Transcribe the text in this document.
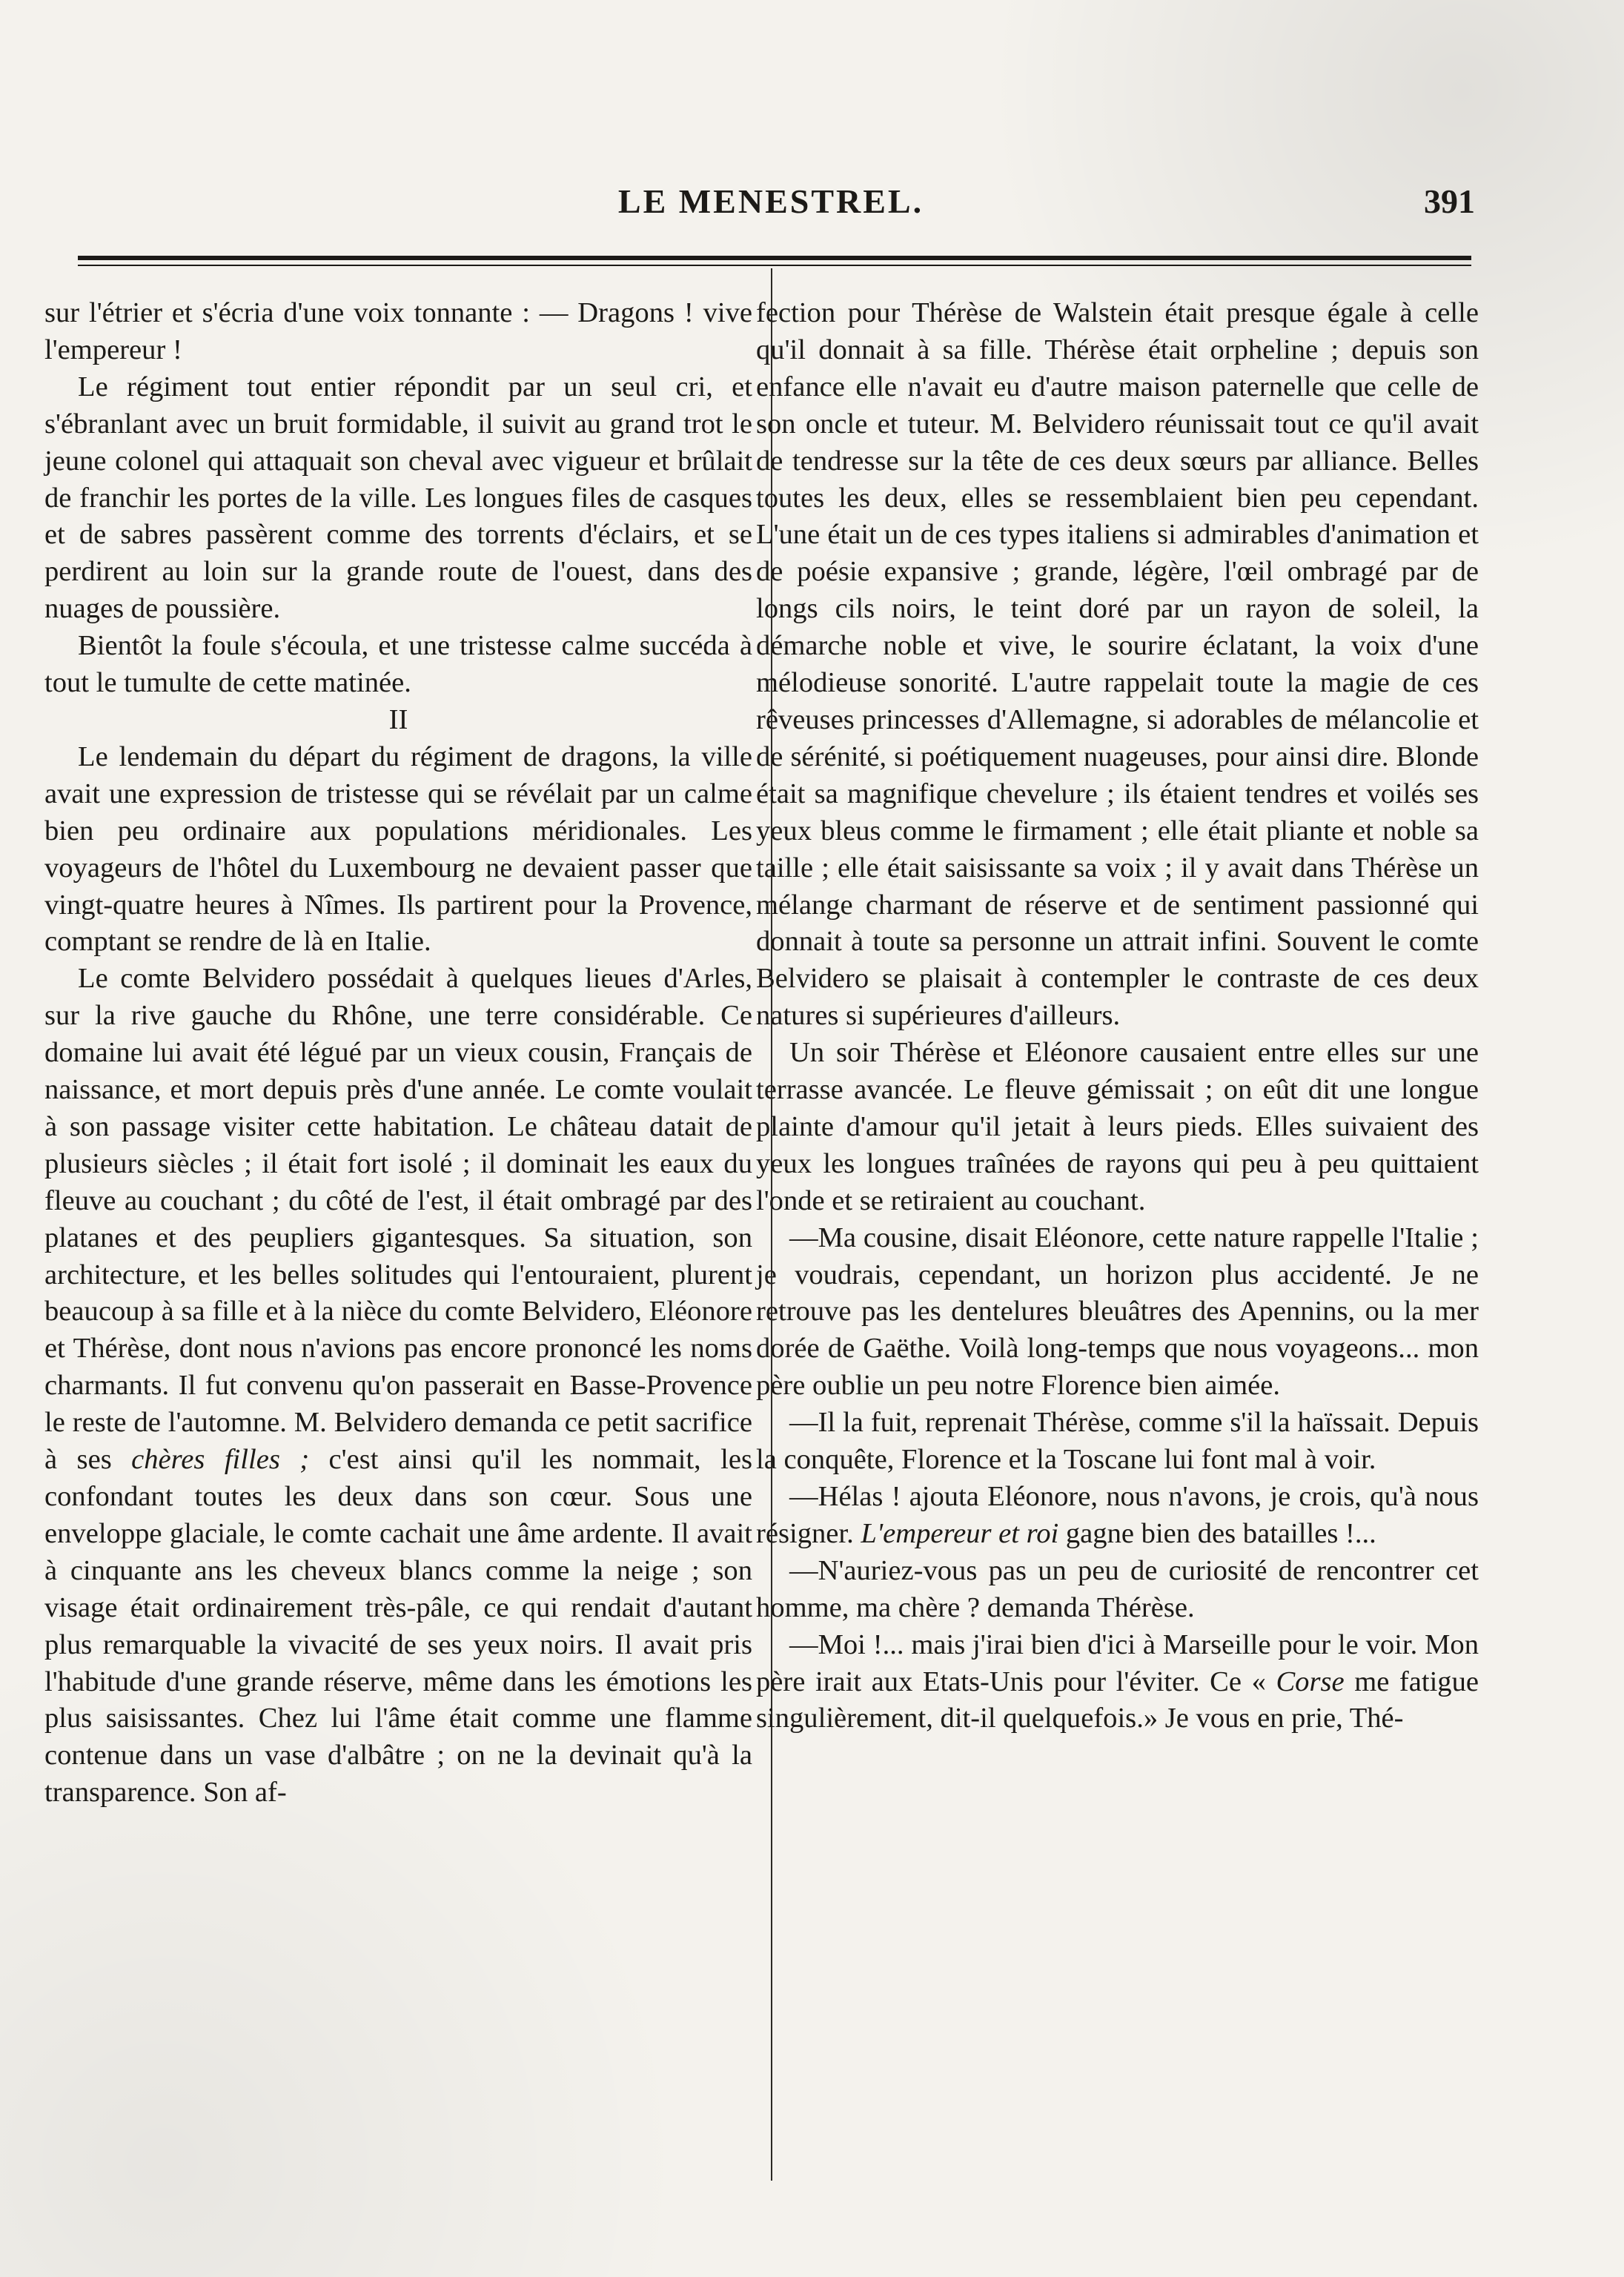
LE MENESTREL.	391

sur l'étrier et s'écria d'une voix tonnante : — Dragons ! vive l'empereur !

Le régiment tout entier répondit par un seul cri, et s'ébranlant avec un bruit formidable, il suivit au grand trot le jeune colonel qui attaquait son cheval avec vigueur et brûlait de franchir les portes de la ville. Les longues files de casques et de sabres passèrent comme des torrents d'éclairs, et se perdirent au loin sur la grande route de l'ouest, dans des nuages de poussière.

Bientôt la foule s'écoula, et une tristesse calme succéda à tout le tumulte de cette matinée.

II

Le lendemain du départ du régiment de dragons, la ville avait une expression de tristesse qui se révélait par un calme bien peu ordinaire aux populations méridionales. Les voyageurs de l'hôtel du Luxembourg ne devaient passer que vingt-quatre heures à Nîmes. Ils partirent pour la Provence, comptant se rendre de là en Italie.

Le comte Belvidero possédait à quelques lieues d'Arles, sur la rive gauche du Rhône, une terre considérable. Ce domaine lui avait été légué par un vieux cousin, Français de naissance, et mort depuis près d'une année. Le comte voulait à son passage visiter cette habitation. Le château datait de plusieurs siècles ; il était fort isolé ; il dominait les eaux du fleuve au couchant ; du côté de l'est, il était ombragé par des platanes et des peupliers gigantesques. Sa situation, son architecture, et les belles solitudes qui l'entouraient, plurent beaucoup à sa fille et à la nièce du comte Belvidero, Eléonore et Thérèse, dont nous n'avions pas encore prononcé les noms charmants. Il fut convenu qu'on passerait en Basse-Provence le reste de l'automne. M. Belvidero demanda ce petit sacrifice à ses chères filles ; c'est ainsi qu'il les nommait, les confondant toutes les deux dans son cœur. Sous une enveloppe glaciale, le comte cachait une âme ardente. Il avait à cinquante ans les cheveux blancs comme la neige ; son visage était ordinairement très-pâle, ce qui rendait d'autant plus remarquable la vivacité de ses yeux noirs. Il avait pris l'habitude d'une grande réserve, même dans les émotions les plus saisissantes. Chez lui l'âme était comme une flamme contenue dans un vase d'albâtre ; on ne la devinait qu'à la transparence. Son af-

fection pour Thérèse de Walstein était presque égale à celle qu'il donnait à sa fille. Thérèse était orpheline ; depuis son enfance elle n'avait eu d'autre maison paternelle que celle de son oncle et tuteur. M. Belvidero réunissait tout ce qu'il avait de tendresse sur la tête de ces deux sœurs par alliance. Belles toutes les deux, elles se ressemblaient bien peu cependant. L'une était un de ces types italiens si admirables d'animation et de poésie expansive ; grande, légère, l'œil ombragé par de longs cils noirs, le teint doré par un rayon de soleil, la démarche noble et vive, le sourire éclatant, la voix d'une mélodieuse sonorité. L'autre rappelait toute la magie de ces rêveuses princesses d'Allemagne, si adorables de mélancolie et de sérénité, si poétiquement nuageuses, pour ainsi dire. Blonde était sa magnifique chevelure ; ils étaient tendres et voilés ses yeux bleus comme le firmament ; elle était pliante et noble sa taille ; elle était saisissante sa voix ; il y avait dans Thérèse un mélange charmant de réserve et de sentiment passionné qui donnait à toute sa personne un attrait infini. Souvent le comte Belvidero se plaisait à contempler le contraste de ces deux natures si supérieures d'ailleurs.

Un soir Thérèse et Eléonore causaient entre elles sur une terrasse avancée. Le fleuve gémissait ; on eût dit une longue plainte d'amour qu'il jetait à leurs pieds. Elles suivaient des yeux les longues traînées de rayons qui peu à peu quittaient l'onde et se retiraient au couchant.

—Ma cousine, disait Eléonore, cette nature rappelle l'Italie ; je voudrais, cependant, un horizon plus accidenté. Je ne retrouve pas les dentelures bleuâtres des Apennins, ou la mer dorée de Gaëthe. Voilà long-temps que nous voyageons... mon père oublie un peu notre Florence bien aimée.

—Il la fuit, reprenait Thérèse, comme s'il la haïssait. Depuis la conquête, Florence et la Toscane lui font mal à voir.

—Hélas ! ajouta Eléonore, nous n'avons, je crois, qu'à nous résigner. L'empereur et roi gagne bien des batailles !...

—N'auriez-vous pas un peu de curiosité de rencontrer cet homme, ma chère ? demanda Thérèse.

—Moi !... mais j'irai bien d'ici à Marseille pour le voir. Mon père irait aux Etats-Unis pour l'éviter. Ce « Corse me fatigue singulièrement, dit-il quelquefois.» Je vous en prie, Thé-
